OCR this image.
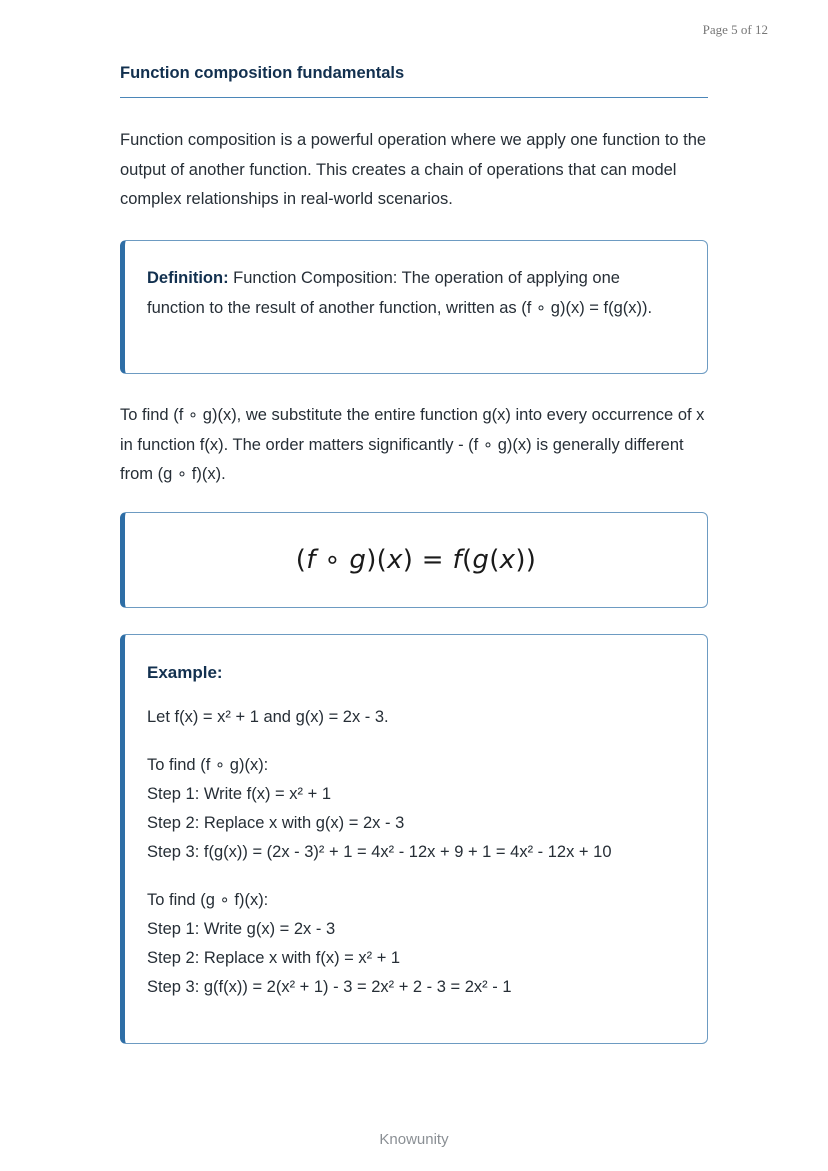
Page 5 of 12
Function composition fundamentals

Function composition is a powerful operation where we apply one function to the output of another function. This creates a chain of operations that can model complex relationships in real-world scenarios.

Definition: Function Composition: The operation of applying one function to the result of another function, written as (f ∘ g)(x) = f(g(x)).

To find (f ∘ g)(x), we substitute the entire function g(x) into every occurrence of x in function f(x). The order matters significantly - (f ∘ g)(x) is generally different from (g ∘ f)(x).

(f ∘ g)(x) = f(g(x))

Example:

Let f(x) = x² + 1 and g(x) = 2x - 3.

To find (f ∘ g)(x):

Step 1: Write f(x) = x² + 1

Step 2: Replace x with g(x) = 2x - 3

Step 3: f(g(x)) = (2x - 3)² + 1 = 4x² - 12x + 9 + 1 = 4x² - 12x + 10

To find (g ∘ f)(x):

Step 1: Write g(x) = 2x - 3

Step 2: Replace x with f(x) = x² + 1

Step 3: g(f(x)) = 2(x² + 1) - 3 = 2x² + 2 - 3 = 2x² - 1

Knowunity
